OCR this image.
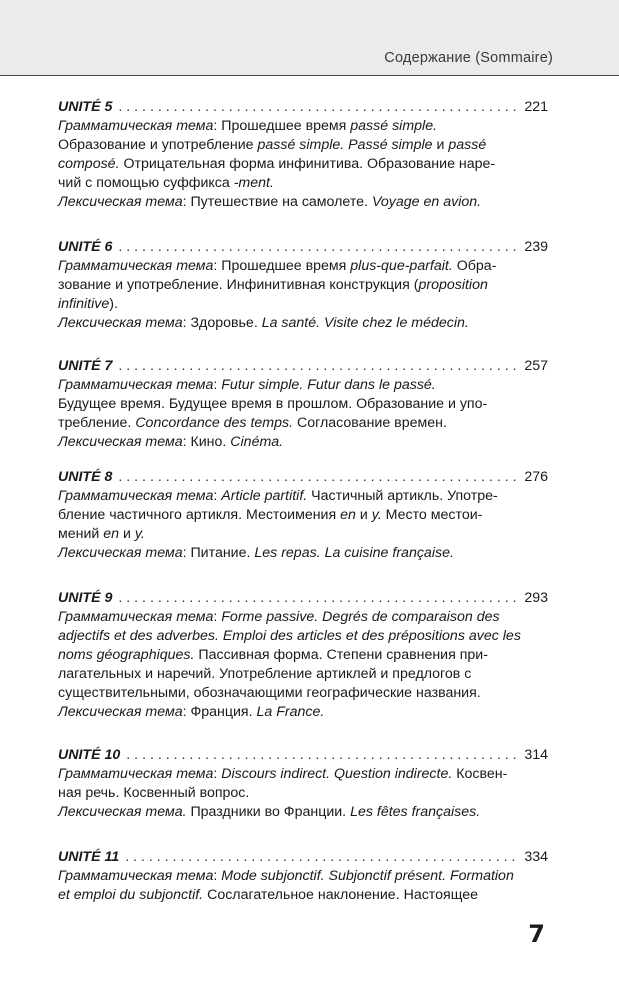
Содержание (Sommaire)
UNITÉ 5 . . .	221
Грамматическая тема: Прошедшее время passé simple.
Образование и употребление passé simple. Passé simple и passé
composé. Отрицательная форма инфинитива. Образование наре-
чий с помощью суффикса -ment.
Лексическая тема: Путешествие на самолете. Voyage en avion.
UNITÉ 6 . . .	239
Грамматическая тема: Прошедшее время plus-que-parfait. Обра-
зование и употребление. Инфинитивная конструкция (proposition
infinitive).
Лексическая тема: Здоровье. La santé. Visite chez le médecin.
UNITÉ 7 . . .	257
Грамматическая тема: Futur simple. Futur dans le passé.
Будущее время. Будущее время в прошлом. Образование и упо-
требление. Concordance des temps. Согласование времен.
Лексическая тема: Кино. Cinéma.
UNITÉ 8 . . .	276
Грамматическая тема: Article partitif. Частичный артикль. Употре-
бление частичного артикля. Местоимения en и y. Место местои-
мений en и y.
Лексическая тема: Питание. Les repas. La cuisine française.
UNITÉ 9 . . .	293
Грамматическая тема: Forme passive. Degrés de comparaison des
adjectifs et des adverbes. Emploi des articles et des prépositions avec les
noms géographiques. Пассивная форма. Степени сравнения при-
лагательных и наречий. Употребление артиклей и предлогов с
существительными, обозначающими географические названия.
Лексическая тема: Франция. La France.
UNITÉ 10 . . .	314
Грамматическая тема: Discours indirect. Question indirecte. Косвен-
ная речь. Косвенный вопрос.
Лексическая тема. Праздники во Франции. Les fêtes françaises.
UNITÉ 11 . . .	334
Грамматическая тема: Mode subjonctif. Subjonctif présent. Formation
et emploi du subjonctif. Сослагательное наклонение. Настоящее
7
